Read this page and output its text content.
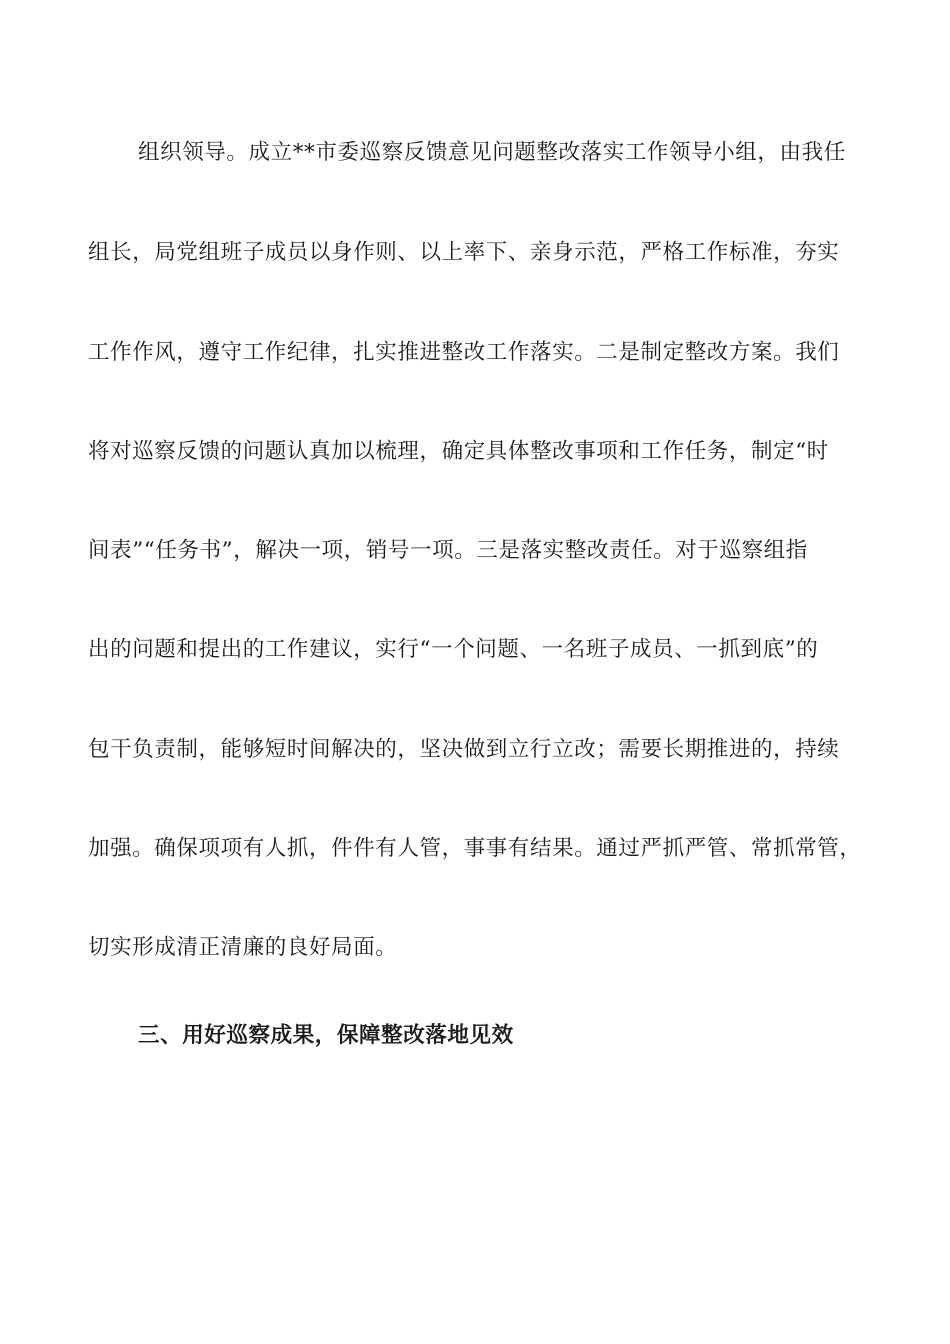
组织领导。成立**市委巡察反馈意见问题整改落实工作领导小组，由我任
组长，局党组班子成员以身作则、以上率下、亲身示范，严格工作标准，夯实
工作作风，遵守工作纪律，扎实推进整改工作落实。二是制定整改方案。我们
将对巡察反馈的问题认真加以梳理，确定具体整改事项和工作任务，制定“时
间表”“任务书”，解决一项，销号一项。三是落实整改责任。对于巡察组指
出的问题和提出的工作建议，实行“一个问题、一名班子成员、一抓到底”的
包干负责制，能够短时间解决的，坚决做到立行立改；需要长期推进的，持续
加强。确保项项有人抓，件件有人管，事事有结果。通过严抓严管、常抓常管，
切实形成清正清廉的良好局面。
三、用好巡察成果，保障整改落地见效
